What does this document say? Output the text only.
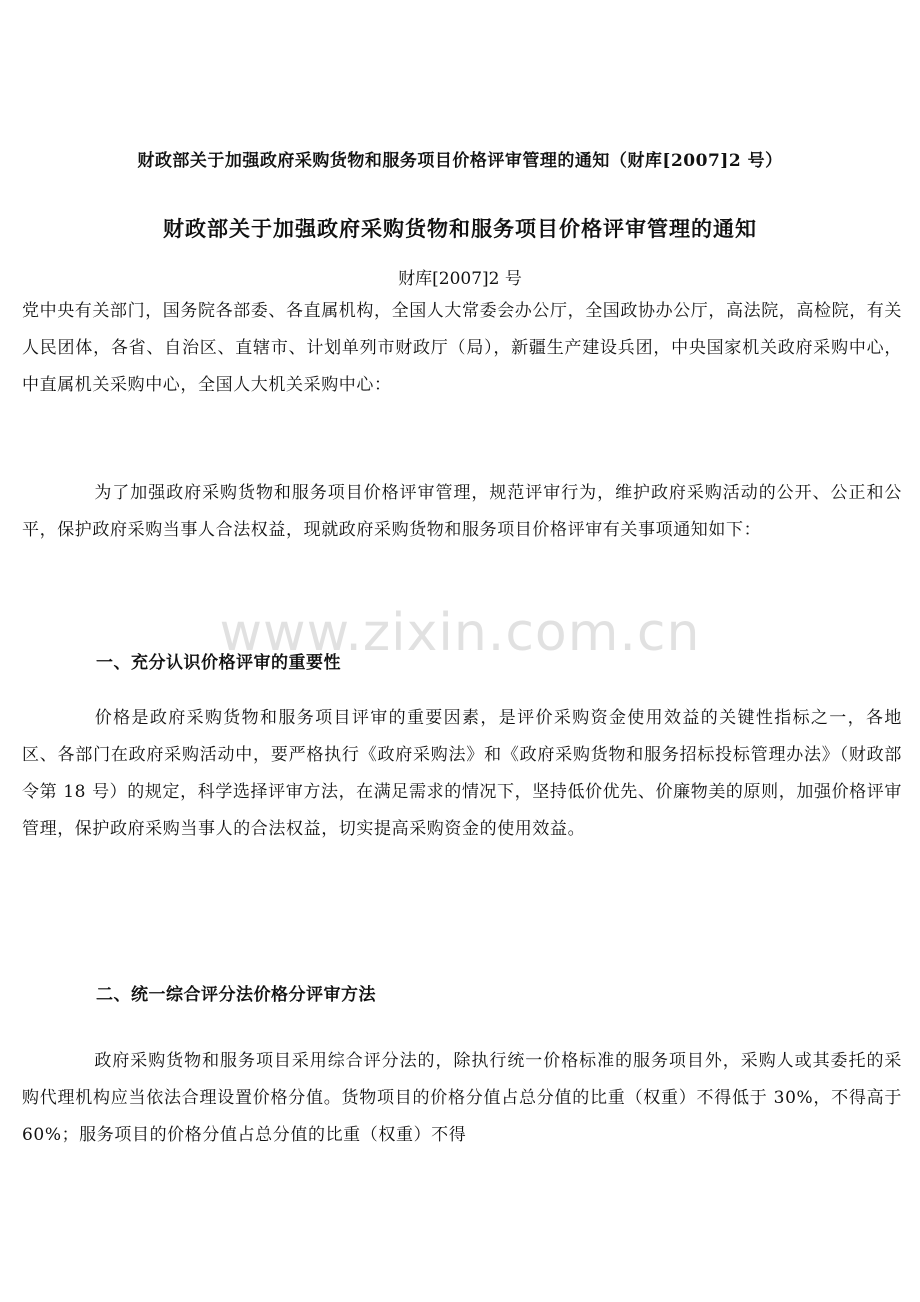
财政部关于加强政府采购货物和服务项目价格评审管理的通知（财库[2007]2 号）
财政部关于加强政府采购货物和服务项目价格评审管理的通知
财库[2007]2 号
党中央有关部门，国务院各部委、各直属机构，全国人大常委会办公厅，全国政协办公厅，高法院，高检院，有关人民团体，各省、自治区、直辖市、计划单列市财政厅（局），新疆生产建设兵团，中央国家机关政府采购中心，中直属机关采购中心，全国人大机关采购中心：
为了加强政府采购货物和服务项目价格评审管理，规范评审行为，维护政府采购活动的公开、公正和公平，保护政府采购当事人合法权益，现就政府采购货物和服务项目价格评审有关事项通知如下：
www.zixin.com.cn
一、充分认识价格评审的重要性
价格是政府采购货物和服务项目评审的重要因素，是评价采购资金使用效益的关键性指标之一，各地区、各部门在政府采购活动中，要严格执行《政府采购法》和《政府采购货物和服务招标投标管理办法》（财政部令第 18 号）的规定，科学选择评审方法，在满足需求的情况下，坚持低价优先、价廉物美的原则，加强价格评审管理，保护政府采购当事人的合法权益，切实提高采购资金的使用效益。
二、统一综合评分法价格分评审方法
政府采购货物和服务项目采用综合评分法的，除执行统一价格标准的服务项目外，采购人或其委托的采购代理机构应当依法合理设置价格分值。货物项目的价格分值占总分值的比重（权重）不得低于 30%，不得高于 60%；服务项目的价格分值占总分值的比重（权重）不得
